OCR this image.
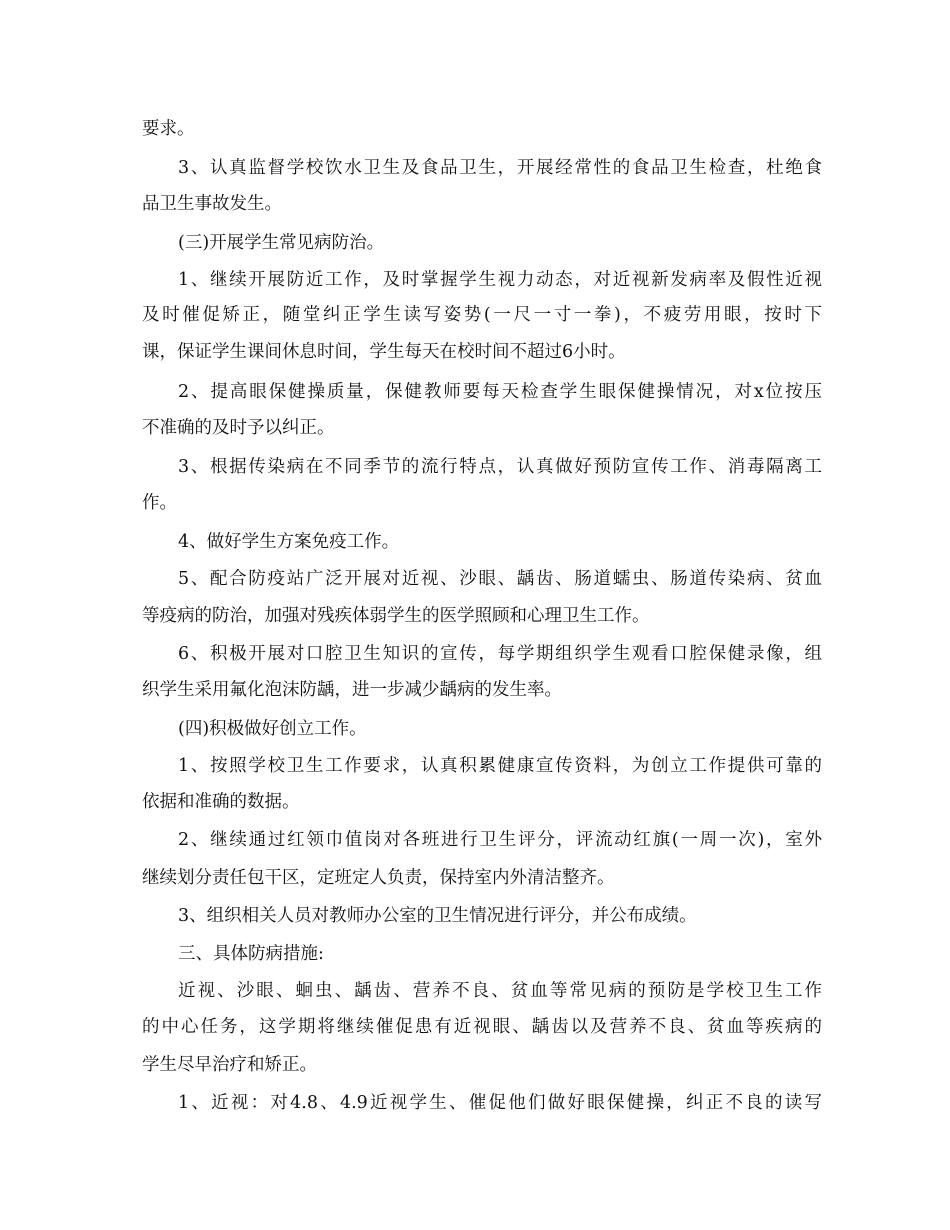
要求。
3、认真监督学校饮水卫生及食品卫生，开展经常性的食品卫生检查，杜绝食
品卫生事故发生。
(三)开展学生常见病防治。
1、继续开展防近工作，及时掌握学生视力动态，对近视新发病率及假性近视
及时催促矫正，随堂纠正学生读写姿势(一尺一寸一拳)，不疲劳用眼，按时下
课，保证学生课间休息时间，学生每天在校时间不超过6小时。
2、提高眼保健操质量，保健教师要每天检查学生眼保健操情况，对x位按压
不准确的及时予以纠正。
3、根据传染病在不同季节的流行特点，认真做好预防宣传工作、消毒隔离工
作。
4、做好学生方案免疫工作。
5、配合防疫站广泛开展对近视、沙眼、龋齿、肠道蠕虫、肠道传染病、贫血
等疫病的防治，加强对残疾体弱学生的医学照顾和心理卫生工作。
6、积极开展对口腔卫生知识的宣传，每学期组织学生观看口腔保健录像，组
织学生采用氟化泡沫防龋，进一步减少龋病的发生率。
(四)积极做好创立工作。
1、按照学校卫生工作要求，认真积累健康宣传资料，为创立工作提供可靠的
依据和准确的数据。
2、继续通过红领巾值岗对各班进行卫生评分，评流动红旗(一周一次)，室外
继续划分责任包干区，定班定人负责，保持室内外清洁整齐。
3、组织相关人员对教师办公室的卫生情况进行评分，并公布成绩。
三、具体防病措施:
近视、沙眼、蛔虫、龋齿、营养不良、贫血等常见病的预防是学校卫生工作
的中心任务，这学期将继续催促患有近视眼、龋齿以及营养不良、贫血等疾病的
学生尽早治疗和矫正。
1、近视：对4.8、4.9近视学生、催促他们做好眼保健操，纠正不良的读写
